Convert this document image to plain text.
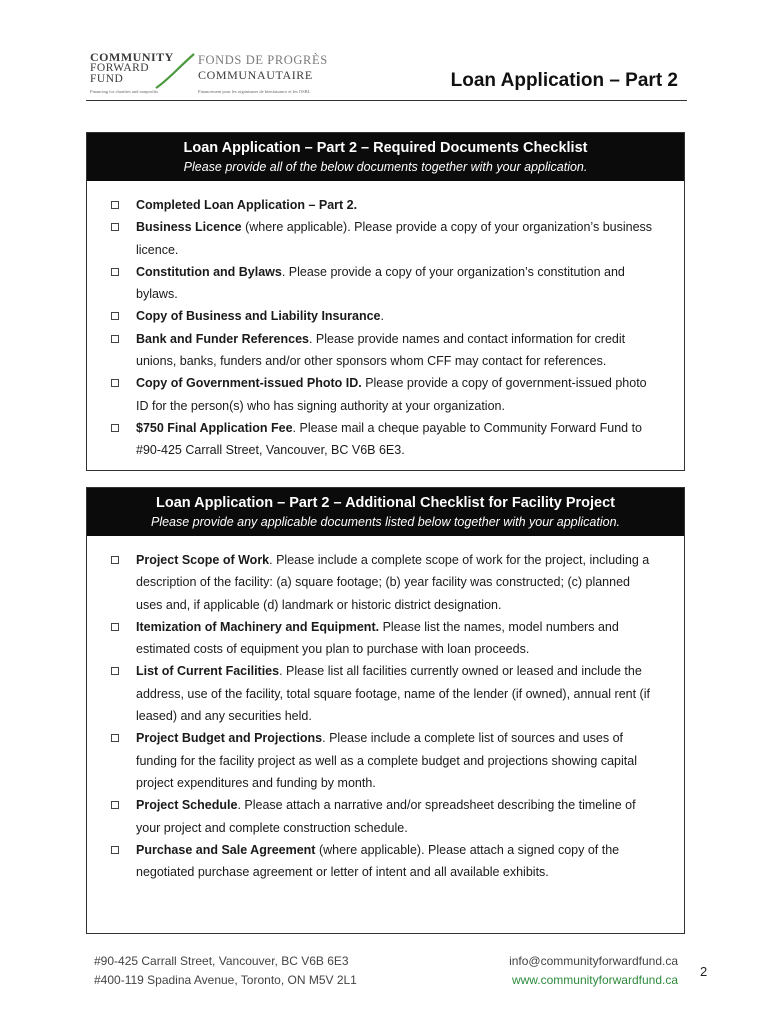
COMMUNITY
FORWARD
FUND
FONDS DE PROGRÈS
COMMUNAUTAIRE
Financing for charities and nonprofits	Financement pour les organismes de bienfaisance et les OSBL
Loan Application – Part 2
Loan Application – Part 2 – Required Documents Checklist
Please provide all of the below documents together with your application.
Completed Loan Application – Part 2.
Business Licence (where applicable). Please provide a copy of your organization’s business licence.
Constitution and Bylaws. Please provide a copy of your organization’s constitution and bylaws.
Copy of Business and Liability Insurance.
Bank and Funder References. Please provide names and contact information for credit unions, banks, funders and/or other sponsors whom CFF may contact for references.
Copy of Government-issued Photo ID. Please provide a copy of government-issued photo ID for the person(s) who has signing authority at your organization.
$750 Final Application Fee. Please mail a cheque payable to Community Forward Fund to #90-425 Carrall Street, Vancouver, BC V6B 6E3.
Loan Application – Part 2 – Additional Checklist for Facility Project
Please provide any applicable documents listed below together with your application.
Project Scope of Work. Please include a complete scope of work for the project, including a description of the facility: (a) square footage; (b) year facility was constructed; (c) planned uses and, if applicable (d) landmark or historic district designation.
Itemization of Machinery and Equipment. Please list the names, model numbers and estimated costs of equipment you plan to purchase with loan proceeds.
List of Current Facilities. Please list all facilities currently owned or leased and include the address, use of the facility, total square footage, name of the lender (if owned), annual rent (if leased) and any securities held.
Project Budget and Projections. Please include a complete list of sources and uses of funding for the facility project as well as a complete budget and projections showing capital project expenditures and funding by month.
Project Schedule. Please attach a narrative and/or spreadsheet describing the timeline of your project and complete construction schedule.
Purchase and Sale Agreement (where applicable). Please attach a signed copy of the negotiated purchase agreement or letter of intent and all available exhibits.
#90-425 Carrall Street, Vancouver, BC V6B 6E3
#400-119 Spadina Avenue, Toronto, ON M5V 2L1
info@communityforwardfund.ca
www.communityforwardfund.ca
2
